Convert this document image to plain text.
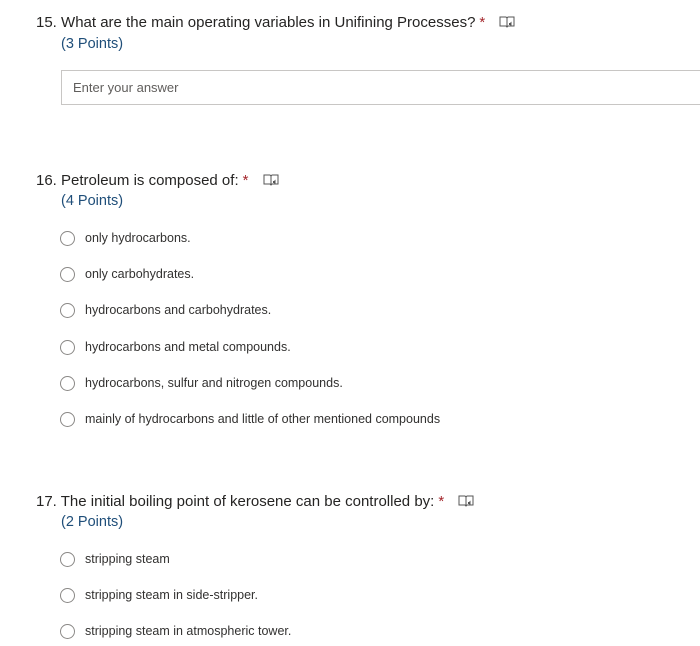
15. What are the main operating variables in Unifining Processes? *
(3 Points)
Enter your answer
16. Petroleum is composed of: *
(4 Points)
only hydrocarbons.
only carbohydrates.
hydrocarbons and carbohydrates.
hydrocarbons and metal compounds.
hydrocarbons, sulfur and nitrogen compounds.
mainly of hydrocarbons and little of other mentioned compounds
17. The initial boiling point of kerosene can be controlled by: *
(2 Points)
stripping steam
stripping steam in side-stripper.
stripping steam in atmospheric tower.
